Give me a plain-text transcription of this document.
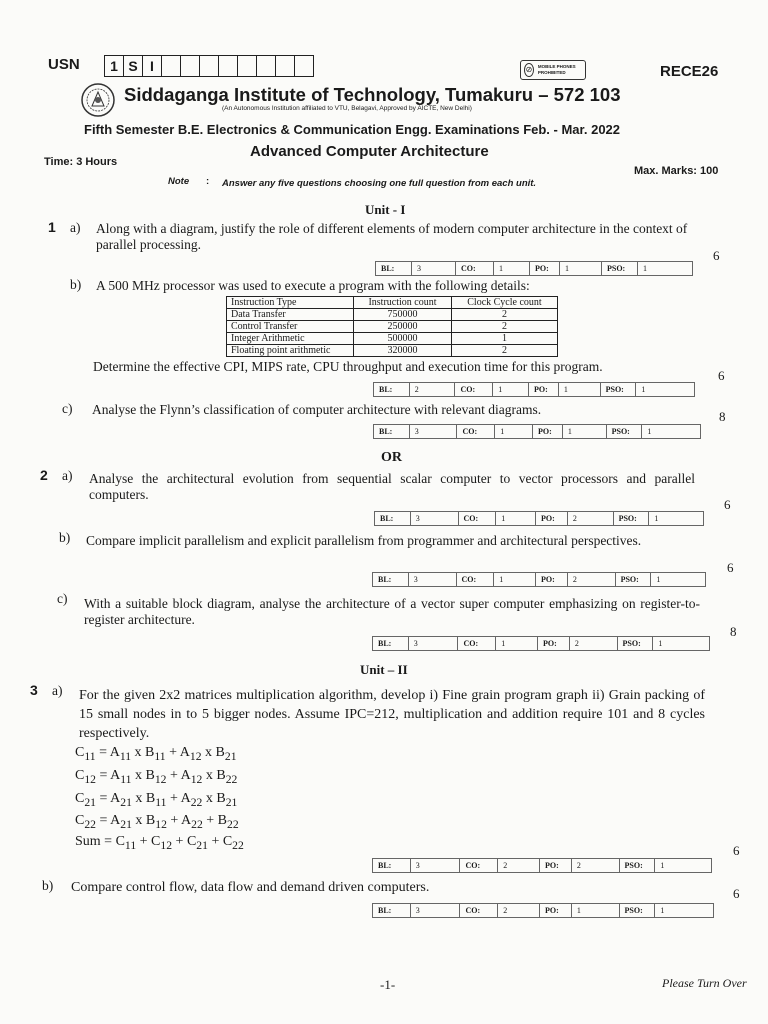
USN	1 S I	⊘	MOBILE PHONES PROHIBITED	RECE26
Siddaganga Institute of Technology, Tumakuru – 572 103
(An Autonomous Institution affiliated to VTU, Belagavi, Approved by AICTE, New Delhi)
Fifth Semester B.E. Electronics & Communication Engg. Examinations Feb. - Mar. 2022
Advanced Computer Architecture
Time: 3 Hours
Max. Marks: 100
Note : Answer any five questions choosing one full question from each unit.
Unit - I
1 a) Along with a diagram, justify the role of different elements of modern computer architecture in the context of parallel processing.
6
BL:	3	CO:	1	PO:	1	PSO:	1
b) A 500 MHz processor was used to execute a program with the following details:
Instruction Type	Instruction count	Clock Cycle count
Data Transfer	750000	2
Control Transfer	250000	2
Integer Arithmetic	500000	1
Floating point arithmetic	320000	2
Determine the effective CPI, MIPS rate, CPU throughput and execution time for this program.
6
BL:	2	CO:	1	PO:	1	PSO:	1
c) Analyse the Flynn’s classification of computer architecture with relevant diagrams.	8
BL:	3	CO:	1	PO:	1	PSO:	1
OR
2 a) Analyse the architectural evolution from sequential scalar computer to vector processors and parallel computers.
6
BL:	3	CO:	1	PO:	2	PSO:	1
b) Compare implicit parallelism and explicit parallelism from programmer and architectural perspectives.
6
BL:	3	CO:	1	PO:	2	PSO:	1
c) With a suitable block diagram, analyse the architecture of a vector super computer emphasizing on register-to-register architecture.
8
BL:	3	CO:	1	PO:	2	PSO:	1
Unit – II
3 a) For the given 2x2 matrices multiplication algorithm, develop i) Fine grain program graph ii) Grain packing of 15 small nodes in to 5 bigger nodes. Assume IPC=212, multiplication and addition require 101 and 8 cycles respectively.
$C_{11} = A_{11}$ x $B_{11} + A_{12}$ x $B_{21}$
$C_{12} = A_{11}$ x $B_{12} + A_{12}$ x $B_{22}$
$C_{21} = A_{21}$ x $B_{11} + A_{22}$ x $B_{21}$
$C_{22} = A_{21}$ x $B_{12} + A_{22} + B_{22}$
Sum = $C_{11} + C_{12} + C_{21} + C_{22}$	6
BL:	3	CO:	2	PO:	2	PSO:	1
b) Compare control flow, data flow and demand driven computers.	6
BL:	3	CO:	2	PO:	1	PSO:	1
-1-	Please Turn Over
